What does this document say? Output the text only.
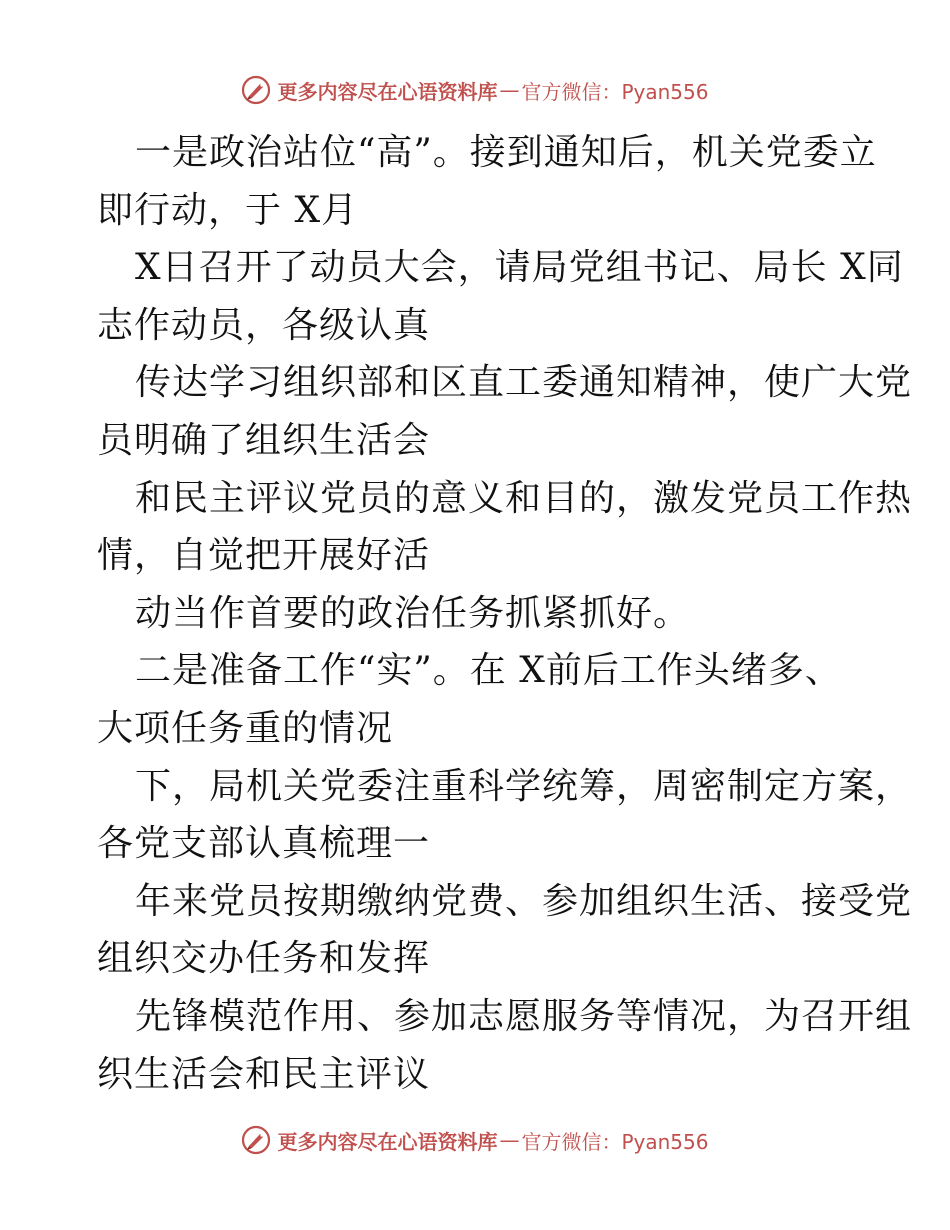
更多内容尽在心语资料库 — 官方微信：Pyan556
一是政治站位“高”。接到通知后，机关党委立
即行动，于 X月
X日召开了动员大会，请局党组书记、局长 X同
志作动员，各级认真
传达学习组织部和区直工委通知精神，使广大党
员明确了组织生活会
和民主评议党员的意义和目的，激发党员工作热
情，自觉把开展好活
动当作首要的政治任务抓紧抓好。
二是准备工作“实”。在 X前后工作头绪多、
大项任务重的情况
下，局机关党委注重科学统筹，周密制定方案，
各党支部认真梳理一
年来党员按期缴纳党费、参加组织生活、接受党
组织交办任务和发挥
先锋模范作用、参加志愿服务等情况，为召开组
织生活会和民主评议
更多内容尽在心语资料库 — 官方微信：Pyan556
